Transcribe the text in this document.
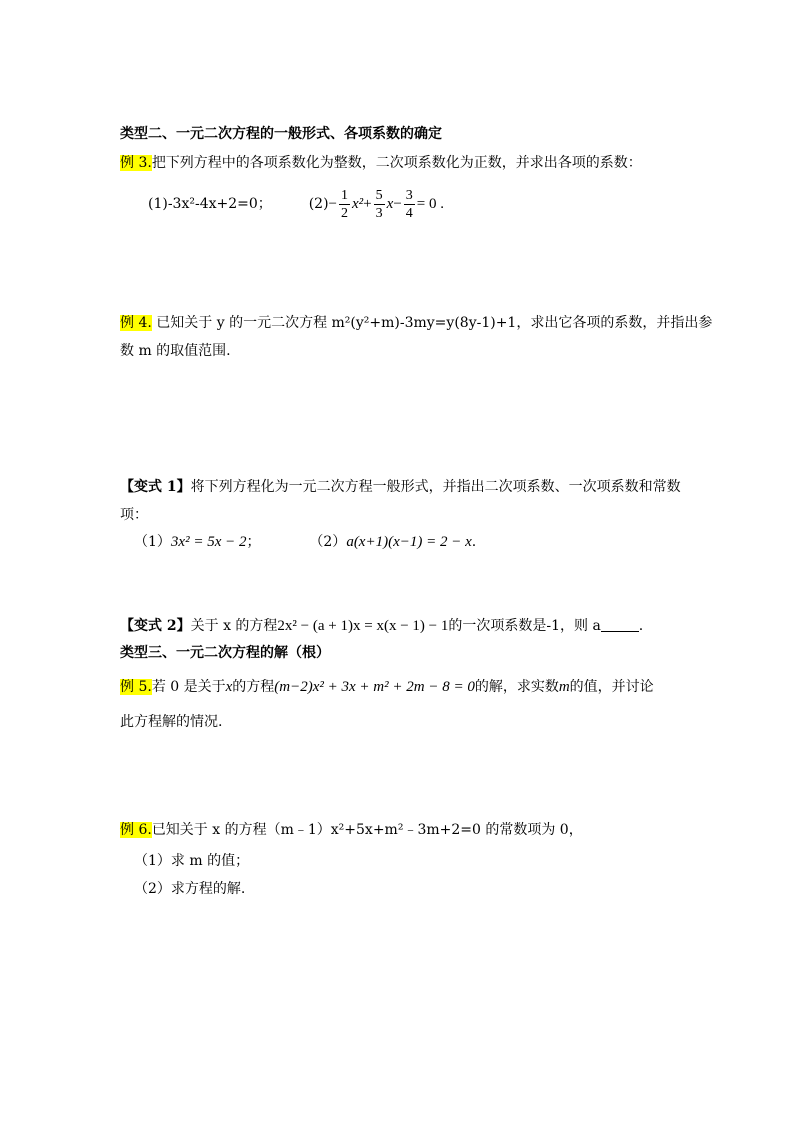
类型二、一元二次方程的一般形式、各项系数的确定
例 3.把下列方程中的各项系数化为整数，二次项系数化为正数，并求出各项的系数：
(1)-3x²-4x+2=0；	$(2)- \frac{1}{2} x^2+ \frac{5}{3} x- \frac{3}{4} = 0$ .
例 4. 已知关于 y 的一元二次方程 m²(y²+m)-3my=y(8y-1)+1，求出它各项的系数，并指出参
数 m 的取值范围.
【变式 1】将下列方程化为一元二次方程一般形式，并指出二次项系数、一次项系数和常数
项：
（1）3x² = 5x − 2；	（2）a(x+1)(x−1) = 2 − x.
【变式 2】关于 x 的方程2x² − (a + 1)x = x(x − 1) − 1的一次项系数是-1，则 a	.
类型三、一元二次方程的解（根）
例 5.若 0 是关于x的方程(m−2)x² + 3x + m² + 2m − 8 = 0的解，求实数m的值，并讨论
此方程解的情况.
例 6.已知关于 x 的方程（m﹣1）x²+5x+m²﹣3m+2=0 的常数项为 0，
（1）求 m 的值；
（2）求方程的解.
